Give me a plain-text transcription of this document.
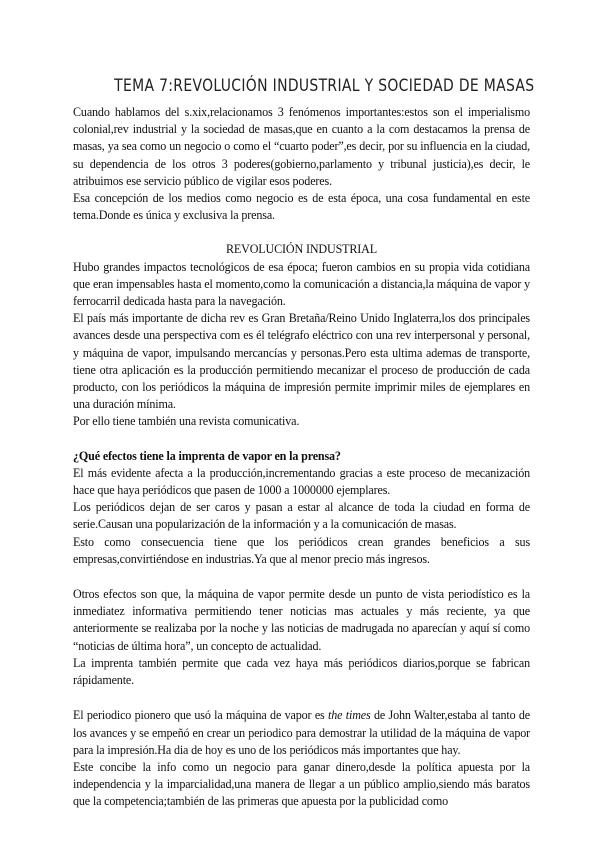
TEMA 7:REVOLUCIÓN INDUSTRIAL Y SOCIEDAD DE MASAS

Cuando hablamos del s.xix,relacionamos 3 fenómenos importantes:estos son el imperialismo colonial,rev industrial y la sociedad de masas,que en cuanto a la com destacamos la prensa de masas, ya sea como un negocio o como el “cuarto poder”,es decir, por su influencia en la ciudad, su dependencia de los otros 3 poderes(gobierno,parlamento y tribunal justicia),es decir, le atribuimos ese servicio público de vigilar esos poderes.

Esa concepción de los medios como negocio es de esta época, una cosa fundamental en este tema.Donde es única y exclusiva la prensa.

REVOLUCIÓN INDUSTRIAL

Hubo grandes impactos tecnológicos de esa época; fueron cambios en su propia vida cotidiana que eran impensables hasta el momento,como la comunicación a distancia,la máquina de vapor y ferrocarril dedicada hasta para la navegación.

El país más importante de dicha rev es Gran Bretaña/Reino Unido Inglaterra,los dos principales avances desde una perspectiva com es él telégrafo eléctrico con una rev interpersonal y personal, y máquina de vapor, impulsando mercancías y personas.Pero esta ultima ademas de transporte, tiene otra aplicación es la producción permitiendo mecanizar el proceso de producción de cada producto, con los periódicos la máquina de impresión permite imprimir miles de ejemplares en una duración mínima.

Por ello tiene también una revista comunicativa.

¿Qué efectos tiene la imprenta de vapor en la prensa?

El más evidente afecta a la producción,incrementando gracias a este proceso de mecanización hace que haya periódicos que pasen de 1000 a 1000000 ejemplares.

Los periódicos dejan de ser caros y pasan a estar al alcance de toda la ciudad en forma de serie.Causan una popularización de la información y a la comunicación de masas.

Esto como consecuencia tiene que los periódicos crean grandes beneficios a sus empresas,convirtiéndose en industrias.Ya que al menor precio más ingresos.

Otros efectos son que, la máquina de vapor permite desde un punto de vista periodístico es la inmediatez informativa permitiendo tener noticias mas actuales y más reciente, ya que anteriormente se realizaba por la noche y las noticias de madrugada no aparecían y aquí sí como “noticias de última hora”, un concepto de actualidad.

La imprenta también permite que cada vez haya más periódicos diarios,porque se fabrican rápidamente.

El periodico pionero que usó la máquina de vapor es the times de John Walter,estaba al tanto de los avances y se empeñó en crear un periodico para demostrar la utilidad de la máquina de vapor para la impresión.Ha dia de hoy es uno de los periódicos más importantes que hay.

Este concibe la info como un negocio para ganar dinero,desde la política apuesta por la independencia y la imparcialidad,una manera de llegar a un público amplio,siendo más baratos que la competencia;también de las primeras que apuesta por la publicidad como
